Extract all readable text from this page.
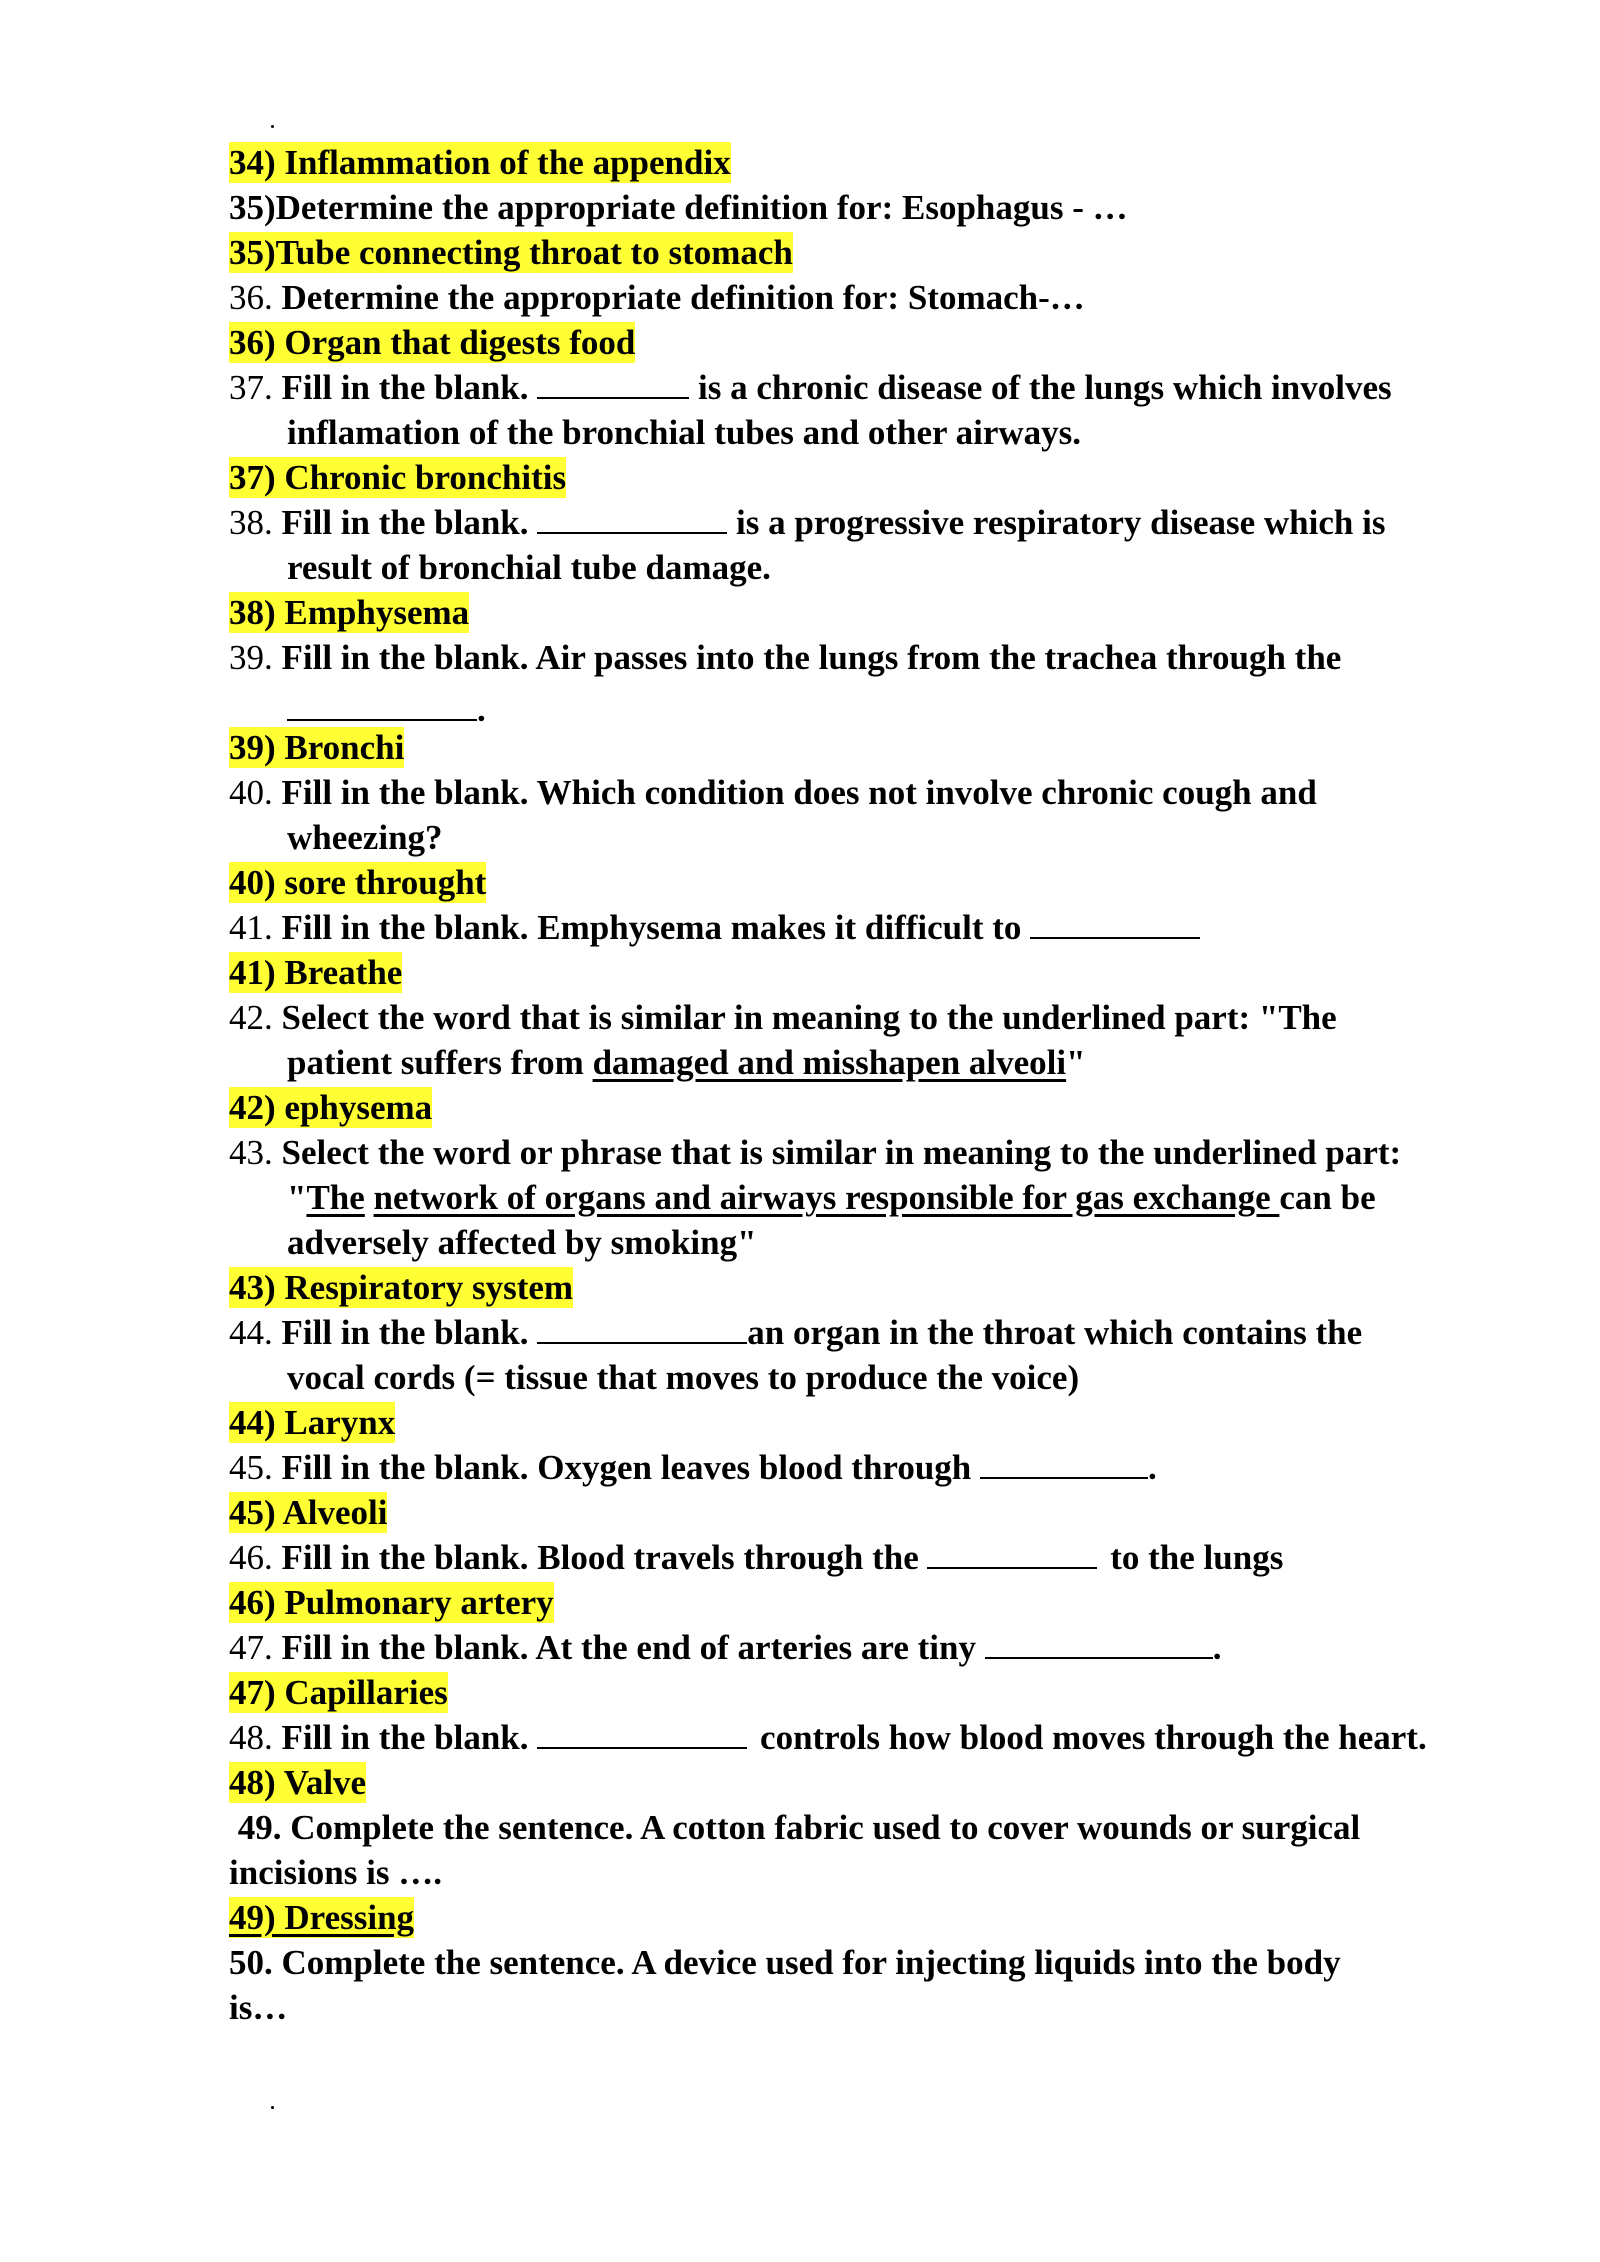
34) Inflammation of the appendix
35)Determine the appropriate definition for: Esophagus - …
35)Tube connecting throat to stomach
36. Determine the appropriate definition for: Stomach-…
36) Organ that digests food
37. Fill in the blank.	is a chronic disease of the lungs which involves
inflamation of the bronchial tubes and other airways.
37) Chronic bronchitis
38. Fill in the blank.	is a progressive respiratory disease which is
result of bronchial tube damage.
38) Emphysema
39. Fill in the blank. Air passes into the lungs from the trachea through the
.
39) Bronchi
40. Fill in the blank. Which condition does not involve chronic cough and
wheezing?
40) sore throught
41. Fill in the blank. Emphysema makes it difficult to
41) Breathe
42. Select the word that is similar in meaning to the underlined part: "The
patient suffers from damaged and misshapen alveoli"
42) ephysema
43. Select the word or phrase that is similar in meaning to the underlined part:
"The network of organs and airways responsible for gas exchange can be
adversely affected by smoking"
43) Respiratory system
44. Fill in the blank.	an organ in the throat which contains the
vocal cords (= tissue that moves to produce the voice)
44) Larynx
45. Fill in the blank. Oxygen leaves blood through	.
45) Alveoli
46. Fill in the blank. Blood travels through the	to the lungs
46) Pulmonary artery
47. Fill in the blank. At the end of arteries are tiny	.
47) Capillaries
48. Fill in the blank.	controls how blood moves through the heart.
48) Valve
49. Complete the sentence. A cotton fabric used to cover wounds or surgical
incisions is ….
49) Dressing
50. Complete the sentence. A device used for injecting liquids into the body
is…
